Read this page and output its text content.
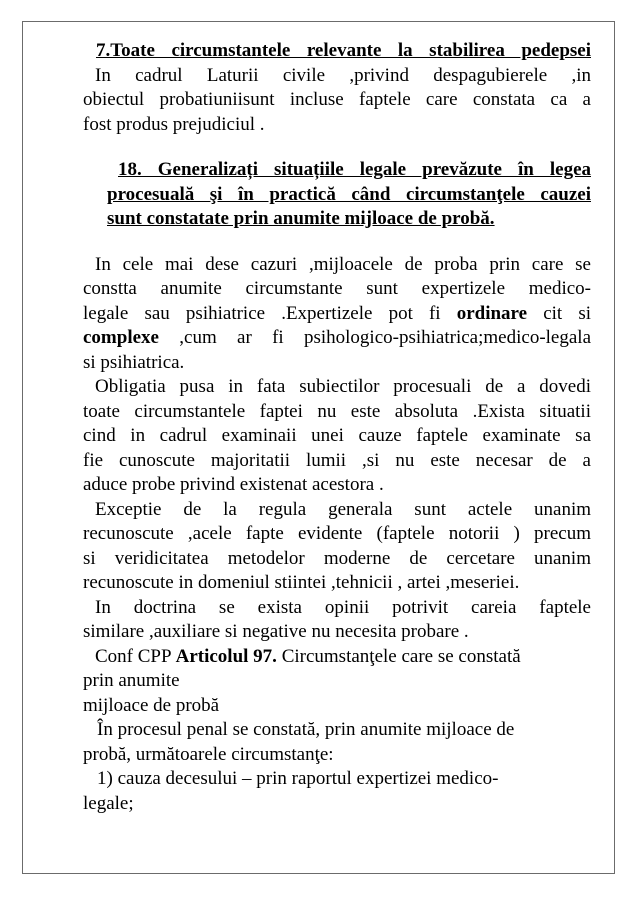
7.Toate circumstantele relevante la stabilirea pedepsei

In cadrul Laturii civile ,privind despagubierele ,in

obiectul probatiuniisunt incluse faptele care constata ca a

fost produs prejudiciul .

18. Generalizați situațiile legale prevăzute în legea
procesuală şi în practică când circumstanţele cauzei
sunt constatate prin anumite mijloace de probă.

In cele mai dese cazuri ,mijloacele de proba prin care se

constta anumite circumstante sunt expertizele medico-

legale sau psihiatrice .Expertizele pot fi ordinare cit si

complexe ,cum ar fi psihologico-psihiatrica;medico-legala

si psihiatrica.

Obligatia pusa in fata subiectilor procesuali de a dovedi

toate circumstantele faptei nu este absoluta .Exista situatii

cind in cadrul examinaii unei cauze faptele examinate sa

fie cunoscute majoritatii lumii ,si nu este necesar de a

aduce probe privind existenat acestora .

Exceptie de la regula generala sunt actele unanim

recunoscute ,acele fapte evidente (faptele notorii ) precum

si veridicitatea metodelor moderne de cercetare unanim

recunoscute in domeniul stiintei ,tehnicii , artei ,meseriei.

In doctrina se exista opinii potrivit careia faptele

similare ,auxiliare si negative nu necesita probare .

Conf CPP Articolul 97. Circumstanţele care se constată

prin anumite

mijloace de probă

În procesul penal se constată, prin anumite mijloace de

probă, următoarele circumstanţe:

1) cauza decesului – prin raportul expertizei medico-

legale;
